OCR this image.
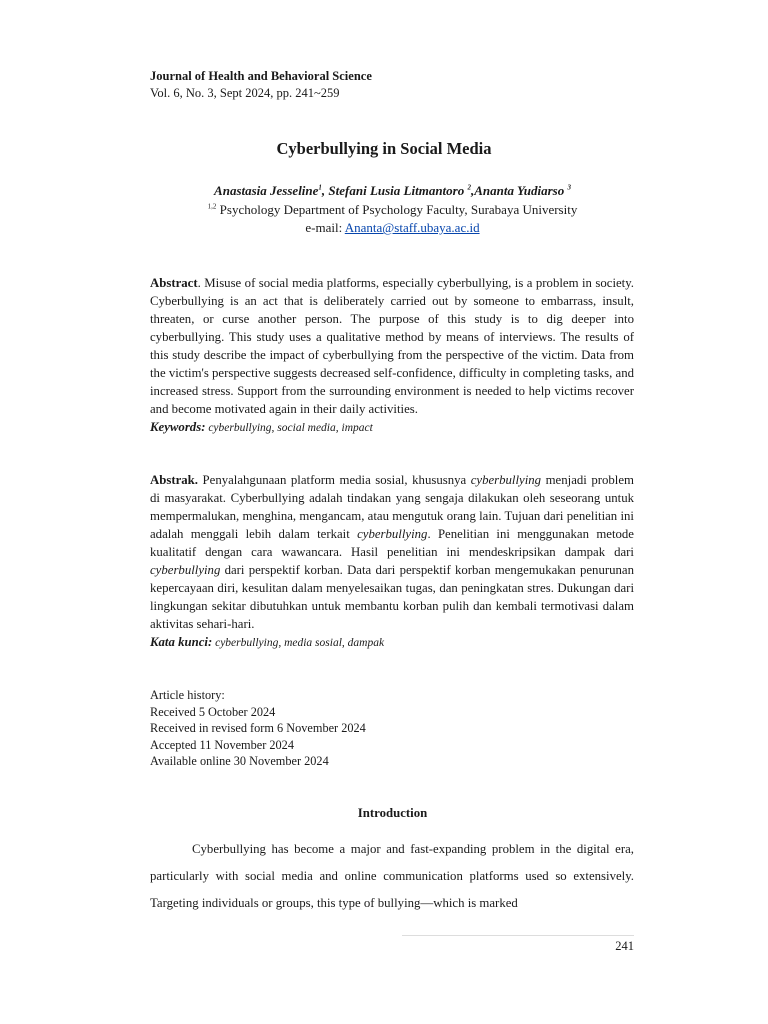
Journal of Health and Behavioral Science
Vol. 6, No. 3, Sept 2024, pp. 241~259
Cyberbullying in Social Media
Anastasia Jesseline$^1$, Stefani Lusia Litmantoro $^2$,Ananta Yudiarso $^3$
$^{1,2}$ Psychology Department of Psychology Faculty, Surabaya University
e-mail: Ananta@staff.ubaya.ac.id
Abstract. Misuse of social media platforms, especially cyberbullying, is a problem in society. Cyberbullying is an act that is deliberately carried out by someone to embarrass, insult, threaten, or curse another person. The purpose of this study is to dig deeper into cyberbullying. This study uses a qualitative method by means of interviews. The results of this study describe the impact of cyberbullying from the perspective of the victim. Data from the victim's perspective suggests decreased self-confidence, difficulty in completing tasks, and increased stress. Support from the surrounding environment is needed to help victims recover and become motivated again in their daily activities.
Keywords: cyberbullying, social media, impact
Abstrak. Penyalahgunaan platform media sosial, khususnya cyberbullying menjadi problem di masyarakat. Cyberbullying adalah tindakan yang sengaja dilakukan oleh seseorang untuk mempermalukan, menghina, mengancam, atau mengutuk orang lain. Tujuan dari penelitian ini adalah menggali lebih dalam terkait cyberbullying. Penelitian ini menggunakan metode kualitatif dengan cara wawancara. Hasil penelitian ini mendeskripsikan dampak dari cyberbullying dari perspektif korban. Data dari perspektif korban mengemukakan penurunan kepercayaan diri, kesulitan dalam menyelesaikan tugas, dan peningkatan stres. Dukungan dari lingkungan sekitar dibutuhkan untuk membantu korban pulih dan kembali termotivasi dalam aktivitas sehari-hari.
Kata kunci: cyberbullying, media sosial, dampak
Article history:
Received 5 October 2024
Received in revised form 6 November 2024
Accepted 11 November 2024
Available online 30 November 2024
Introduction
Cyberbullying has become a major and fast-expanding problem in the digital era, particularly with social media and online communication platforms used so extensively. Targeting individuals or groups, this type of bullying—which is marked
241
